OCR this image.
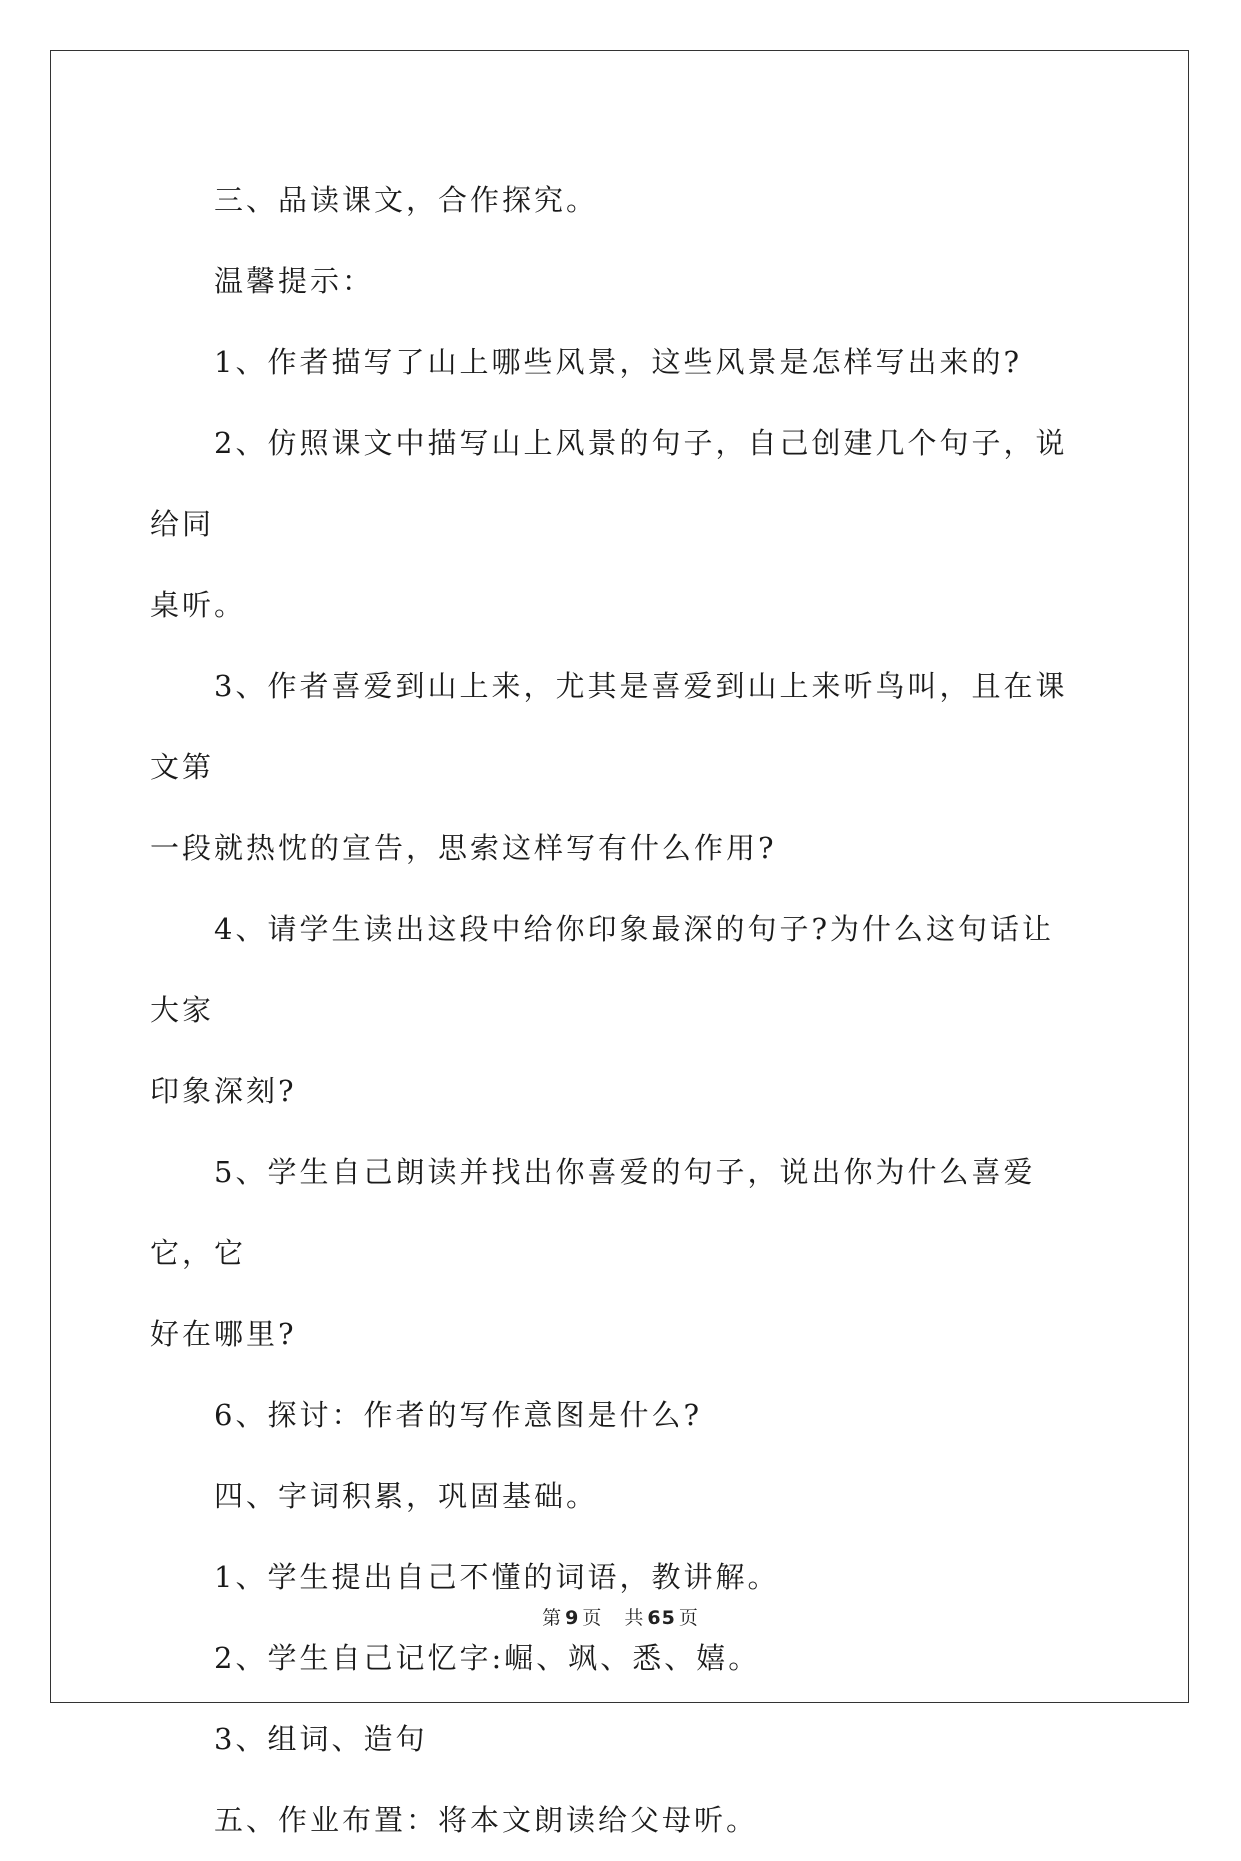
三、品读课文，合作探究。

温馨提示：

1、作者描写了山上哪些风景，这些风景是怎样写出来的?

2、仿照课文中描写山上风景的句子，自己创建几个句子，说给同
桌听。

3、作者喜爱到山上来，尤其是喜爱到山上来听鸟叫，且在课文第
一段就热忱的宣告，思索这样写有什么作用?

4、请学生读出这段中给你印象最深的句子?为什么这句话让大家
印象深刻?

5、学生自己朗读并找出你喜爱的句子，说出你为什么喜爱它，它
好在哪里?

6、探讨：作者的写作意图是什么?

四、字词积累，巩固基础。

1、学生提出自己不懂的词语，教讲解。

2、学生自己记忆字:崛、飒、悉、嬉。

3、组词、造句

五、作业布置：将本文朗读给父母听。

第 9 页 共 65 页
